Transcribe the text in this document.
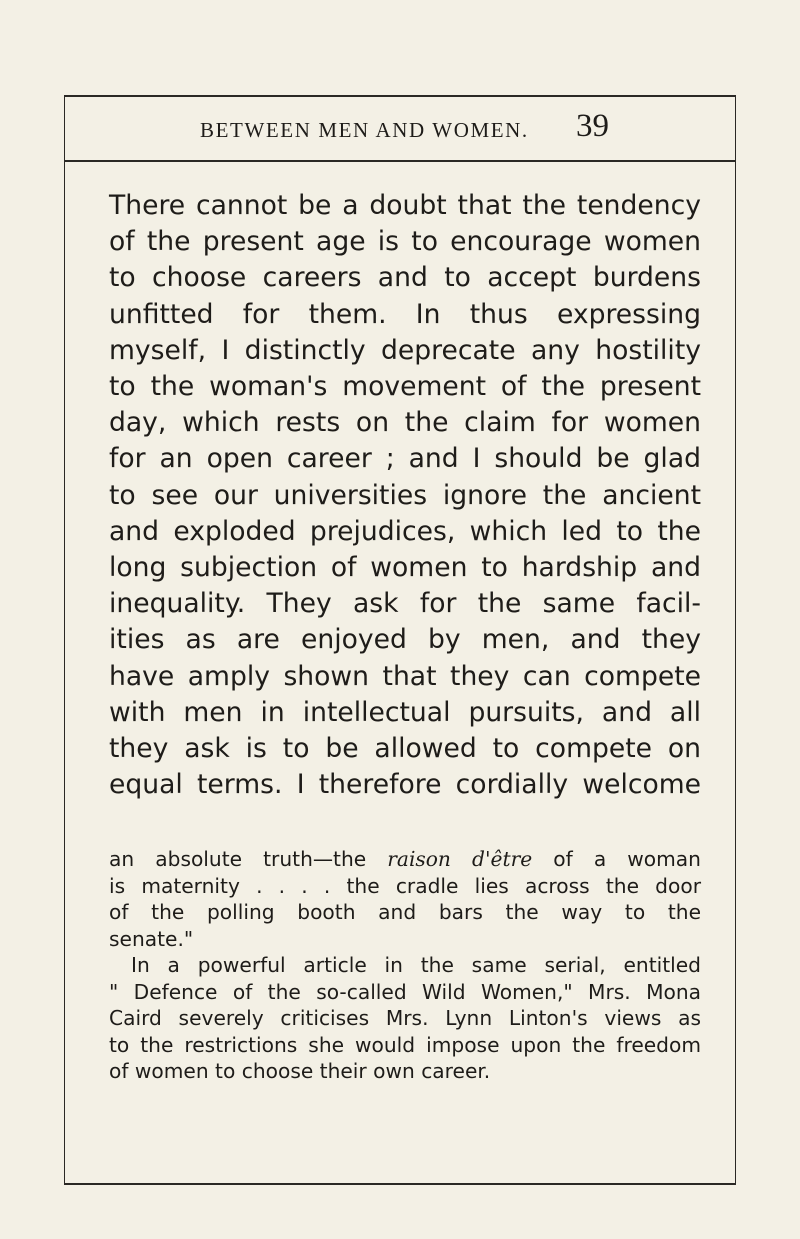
BETWEEN MEN AND WOMEN. 39
There cannot be a doubt that the tendency
of the present age is to encourage women
to choose careers and to accept burdens
unfitted for them. In thus expressing
myself, I distinctly deprecate any hostility
to the woman's movement of the present
day, which rests on the claim for women
for an open career ; and I should be glad
to see our universities ignore the ancient
and exploded prejudices, which led to the
long subjection of women to hardship and
inequality. They ask for the same facil-
ities as are enjoyed by men, and they
have amply shown that they can compete
with men in intellectual pursuits, and all
they ask is to be allowed to compete on
equal terms. I therefore cordially welcome
an absolute truth—the raison d'être of a woman
is maternity . . . . the cradle lies across the door
of the polling booth and bars the way to the
senate."
In a powerful article in the same serial, entitled
" Defence of the so-called Wild Women," Mrs. Mona
Caird severely criticises Mrs. Lynn Linton's views as
to the restrictions she would impose upon the freedom
of women to choose their own career.
